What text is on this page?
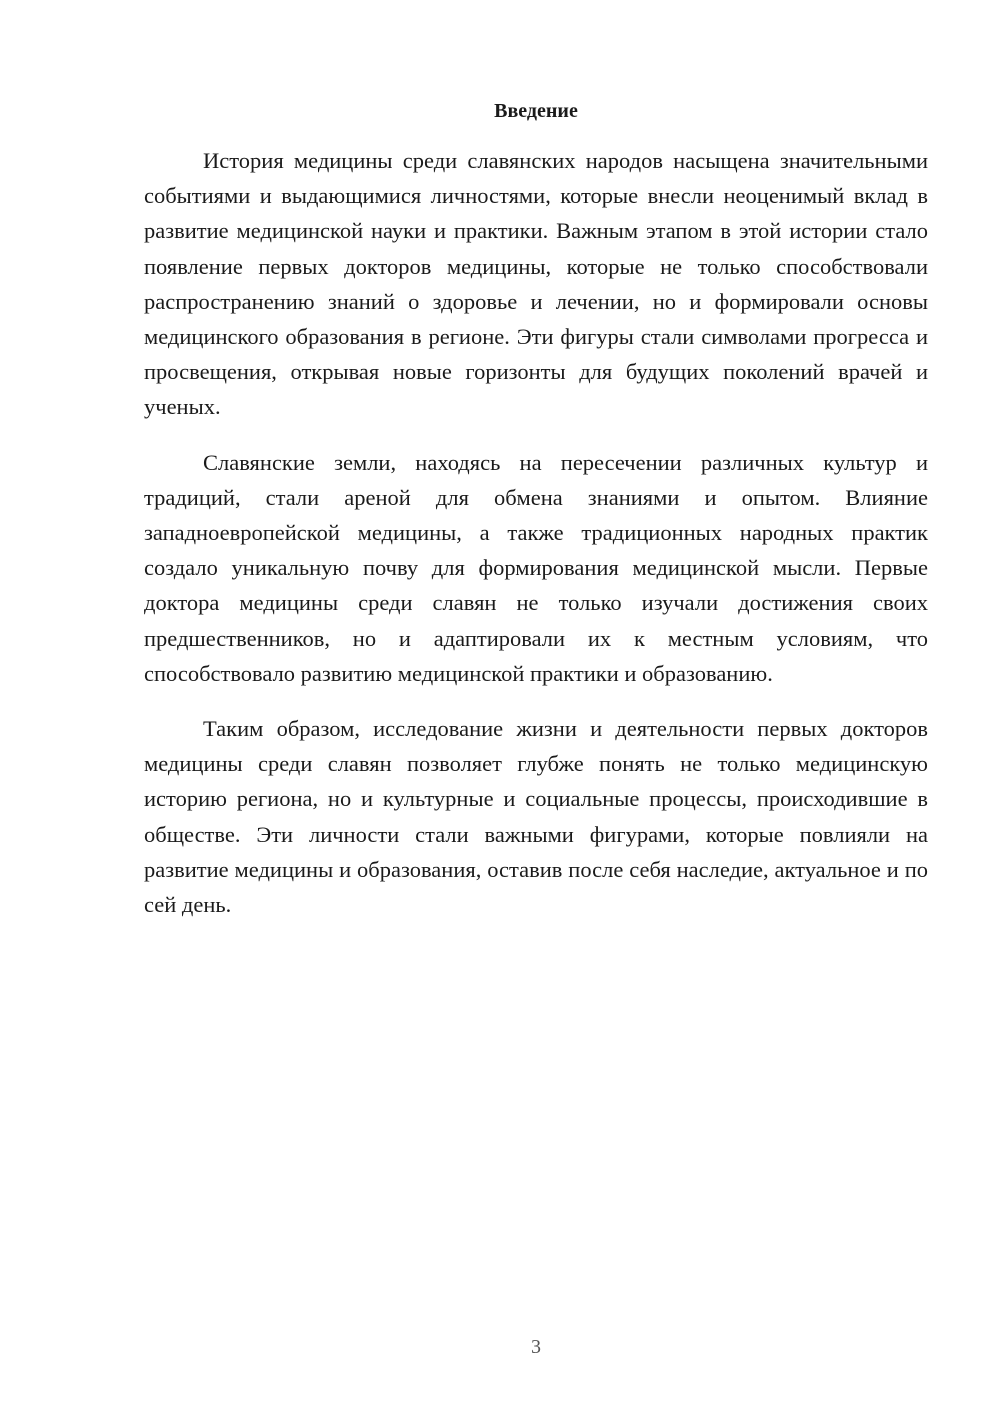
Введение

История медицины среди славянских народов насыщена значительными событиями и выдающимися личностями, которые внесли неоценимый вклад в развитие медицинской науки и практики. Важным этапом в этой истории стало появление первых докторов медицины, которые не только способствовали распространению знаний о здоровье и лечении, но и формировали основы медицинского образования в регионе. Эти фигуры стали символами прогресса и просвещения, открывая новые горизонты для будущих поколений врачей и ученых.

Славянские земли, находясь на пересечении различных культур и традиций, стали ареной для обмена знаниями и опытом. Влияние западноевропейской медицины, а также традиционных народных практик создало уникальную почву для формирования медицинской мысли. Первые доктора медицины среди славян не только изучали достижения своих предшественников, но и адаптировали их к местным условиям, что способствовало развитию медицинской практики и образованию.

Таким образом, исследование жизни и деятельности первых докторов медицины среди славян позволяет глубже понять не только медицинскую историю региона, но и культурные и социальные процессы, происходившие в обществе. Эти личности стали важными фигурами, которые повлияли на развитие медицины и образования, оставив после себя наследие, актуальное и по сей день.

3
